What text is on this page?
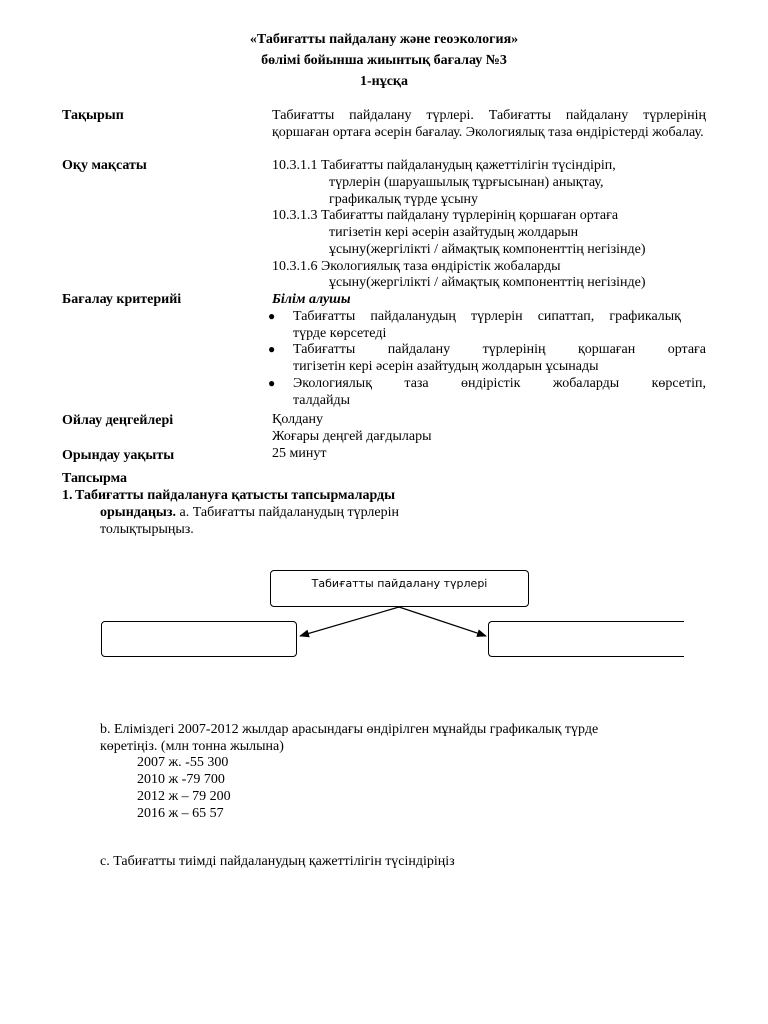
«Табиғатты пайдалану және геоэкология»
бөлімі бойынша жиынтық бағалау №3
1-нұсқа
Тақырып	Табиғатты пайдалану түрлері. Табиғатты пайдалану түрлерінің қоршаған ортаға әсерін бағалау. Экологиялық таза өндірістерді жобалау.
Оқу мақсаты	10.3.1.1 Табиғатты пайдаланудың қажеттілігін түсіндіріп,
түрлерін (шаруашылық тұрғысынан) анықтау,
графикалық түрде ұсыну
10.3.1.3 Табиғатты пайдалану түрлерінің қоршаған ортаға
тигізетін кері әсерін азайтудың жолдарын
ұсыну(жергілікті / аймақтық компоненттің негізінде)
10.3.1.6 Экологиялық таза өндірістік жобаларды
ұсыну(жергілікті / аймақтық компоненттің негізінде)
Бағалау критерийі	Білім алушы
● Табиғатты пайдаланудың түрлерін сипаттап, графикалық
түрде көрсетеді
● Табиғатты пайдалану түрлерінің қоршаған ортаға
тигізетін кері әсерін азайтудың жолдарын ұсынады
● Экологиялық таза өндірістік жобаларды көрсетіп,
талдайды
Ойлау деңгейлері	Қолдану
Жоғары деңгей дағдылары
Орындау уақыты	25 минут
Тапсырма
1. Табиғатты пайдалануға қатысты тапсырмаларды
орындаңыз. а. Табиғатты пайдаланудың түрлерін
толықтырыңыз.
Табиғатты пайдалану түрлері
b. Еліміздегі 2007-2012 жылдар арасындағы өндірілген мұнайды графикалық түрде
көретіңіз. (млн тонна жылына)
2007 ж. -55 300
2010 ж -79 700
2012 ж – 79 200
2016 ж – 65 57
c. Табиғатты тиімді пайдаланудың қажеттілігін түсіндіріңіз
